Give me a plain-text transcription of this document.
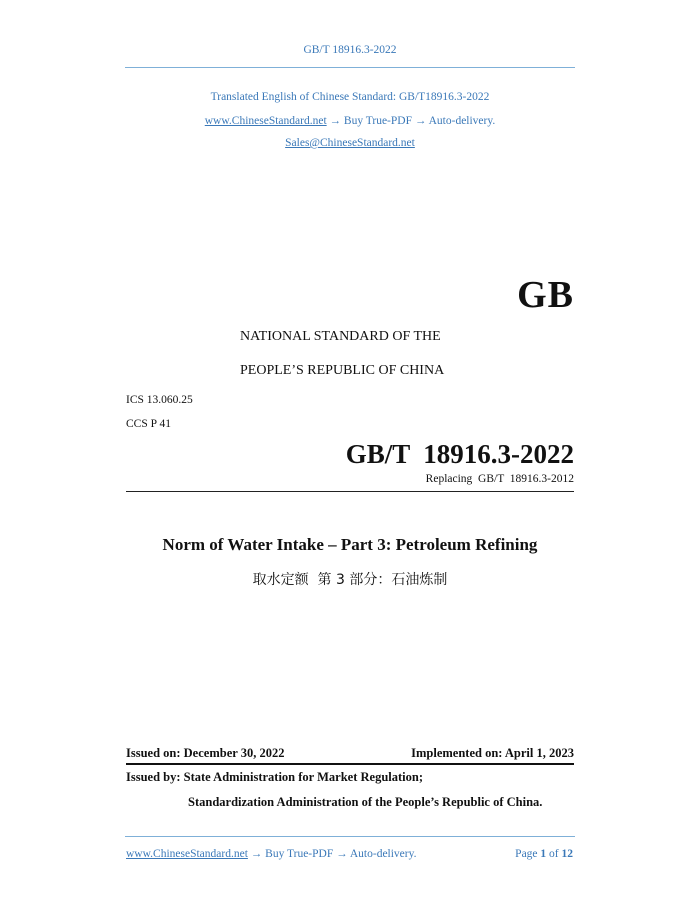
GB/T 18916.3-2022
Translated English of Chinese Standard: GB/T18916.3-2022
www.ChineseStandard.net → Buy True-PDF → Auto-delivery.
Sales@ChineseStandard.net
GB
NATIONAL STANDARD OF THE
PEOPLE’S REPUBLIC OF CHINA
ICS 13.060.25
CCS P 41
GB/T  18916.3-2022
Replacing  GB/T  18916.3-2012
Norm of Water Intake – Part 3: Petroleum Refining
取水定额  第 3 部分：石油炼制
Issued on: December 30, 2022	Implemented on: April 1, 2023
Issued by: State Administration for Market Regulation;
Standardization Administration of the People’s Republic of China.
www.ChineseStandard.net → Buy True-PDF → Auto-delivery.	Page 1 of 12
